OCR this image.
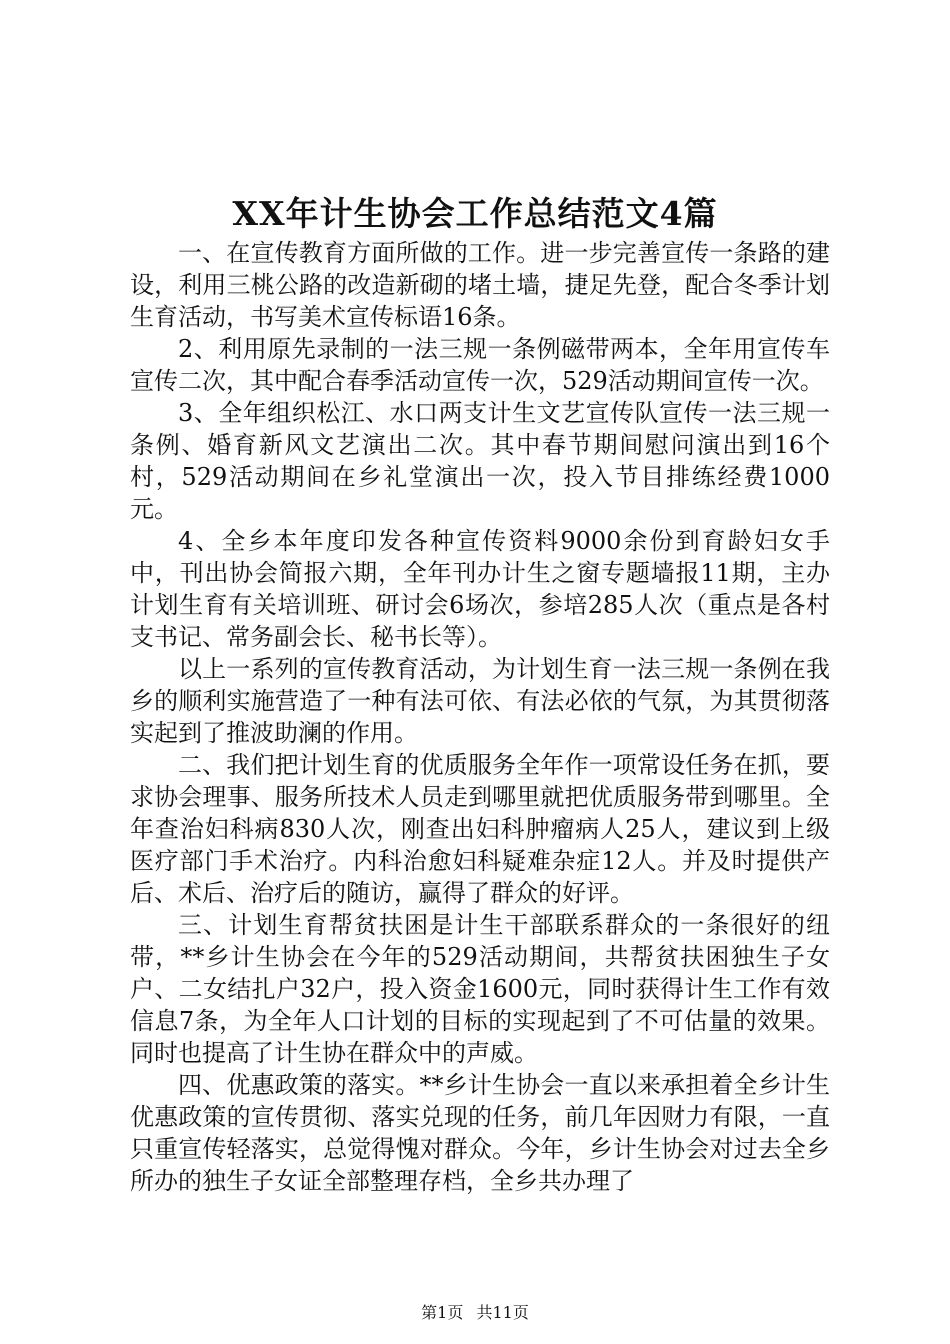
XX年计生协会工作总结范文4篇

一、在宣传教育方面所做的工作。进一步完善宣传一条路的建设，利用三桃公路的改造新砌的堵土墙，捷足先登，配合冬季计划生育活动，书写美术宣传标语16条。

2、利用原先录制的一法三规一条例磁带两本，全年用宣传车宣传二次，其中配合春季活动宣传一次，529活动期间宣传一次。

3、全年组织松江、水口两支计生文艺宣传队宣传一法三规一条例、婚育新风文艺演出二次。其中春节期间慰问演出到16个村，529活动期间在乡礼堂演出一次，投入节目排练经费1000元。

4、全乡本年度印发各种宣传资料9000余份到育龄妇女手中，刊出协会简报六期，全年刊办计生之窗专题墙报11期，主办计划生育有关培训班、研讨会6场次，参培285人次（重点是各村支书记、常务副会长、秘书长等）。

以上一系列的宣传教育活动，为计划生育一法三规一条例在我乡的顺利实施营造了一种有法可依、有法必依的气氛，为其贯彻落实起到了推波助澜的作用。

二、我们把计划生育的优质服务全年作一项常设任务在抓，要求协会理事、服务所技术人员走到哪里就把优质服务带到哪里。全年查治妇科病830人次，刚查出妇科肿瘤病人25人，建议到上级医疗部门手术治疗。内科治愈妇科疑难杂症12人。并及时提供产后、术后、治疗后的随访，赢得了群众的好评。

三、计划生育帮贫扶困是计生干部联系群众的一条很好的纽带，**乡计生协会在今年的529活动期间，共帮贫扶困独生子女户、二女结扎户32户，投入资金1600元，同时获得计生工作有效信息7条，为全年人口计划的目标的实现起到了不可估量的效果。同时也提高了计生协在群众中的声威。

四、优惠政策的落实。**乡计生协会一直以来承担着全乡计生优惠政策的宣传贯彻、落实兑现的任务，前几年因财力有限，一直只重宣传轻落实，总觉得愧对群众。今年，乡计生协会对过去全乡所办的独生子女证全部整理存档，全乡共办理了

第1页 共11页
